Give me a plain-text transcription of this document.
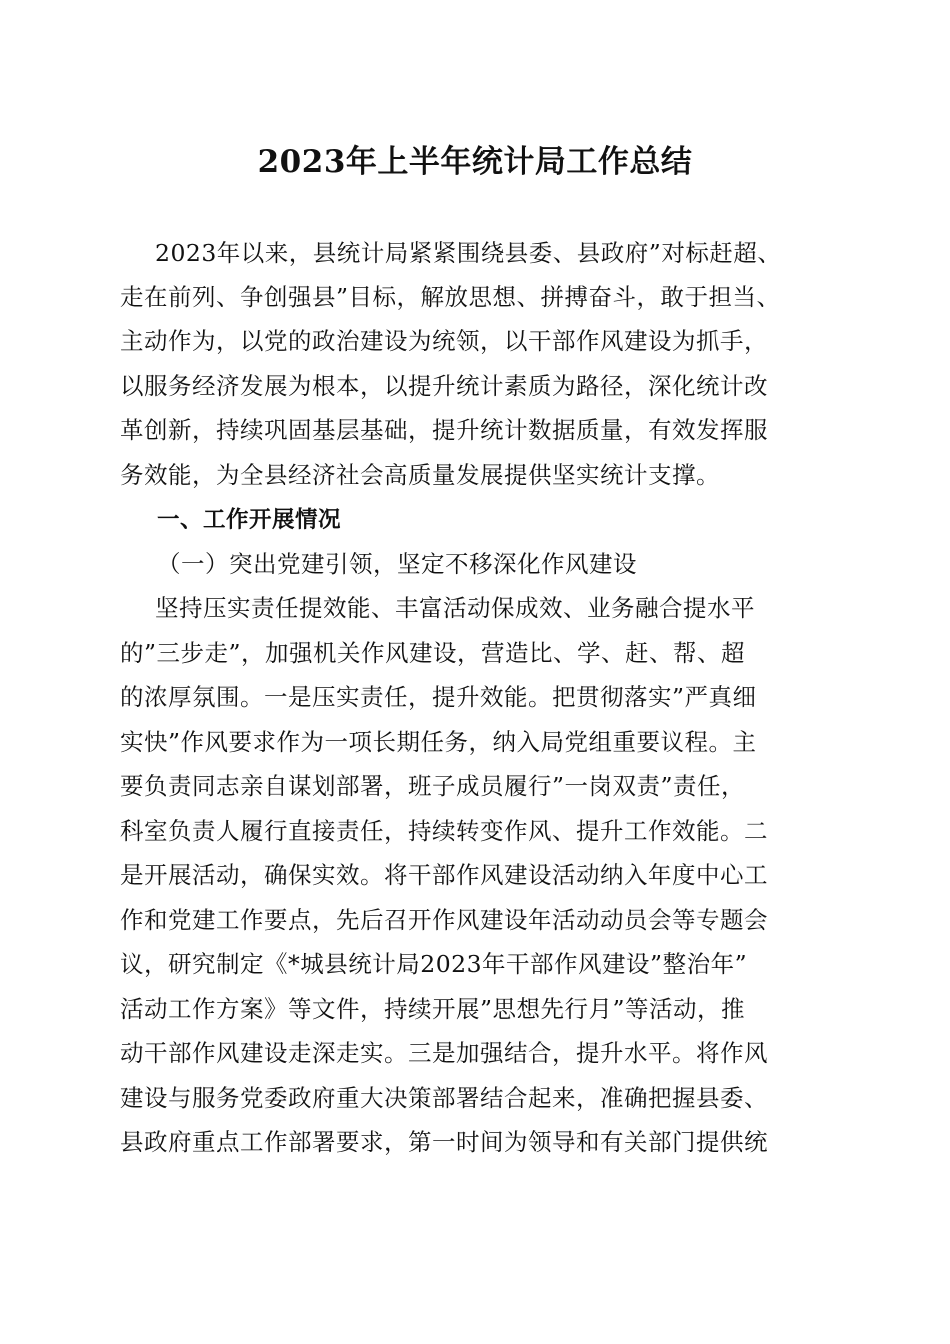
2023年上半年统计局工作总结
2023年以来，县统计局紧紧围绕县委、县政府”对标赶超、
走在前列、争创强县”目标，解放思想、拼搏奋斗，敢于担当、
主动作为，以党的政治建设为统领，以干部作风建设为抓手，
以服务经济发展为根本，以提升统计素质为路径，深化统计改
革创新，持续巩固基层基础，提升统计数据质量，有效发挥服
务效能，为全县经济社会高质量发展提供坚实统计支撑。
一、工作开展情况
（一）突出党建引领，坚定不移深化作风建设
坚持压实责任提效能、丰富活动保成效、业务融合提水平
的”三步走”，加强机关作风建设，营造比、学、赶、帮、超
的浓厚氛围。一是压实责任，提升效能。把贯彻落实”严真细
实快”作风要求作为一项长期任务，纳入局党组重要议程。主
要负责同志亲自谋划部署，班子成员履行”一岗双责”责任，
科室负责人履行直接责任，持续转变作风、提升工作效能。二
是开展活动，确保实效。将干部作风建设活动纳入年度中心工
作和党建工作要点，先后召开作风建设年活动动员会等专题会
议，研究制定《*城县统计局2023年干部作风建设”整治年”
活动工作方案》等文件，持续开展”思想先行月”等活动，推
动干部作风建设走深走实。三是加强结合，提升水平。将作风
建设与服务党委政府重大决策部署结合起来，准确把握县委、
县政府重点工作部署要求，第一时间为领导和有关部门提供统
